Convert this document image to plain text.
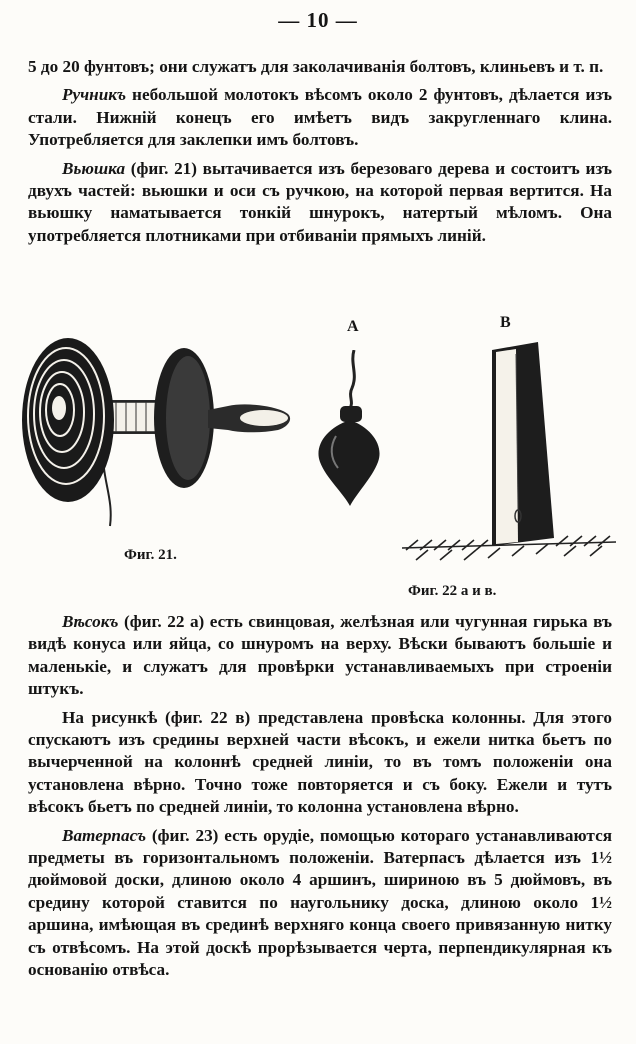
— 10 —

5 до 20 фунтовъ; они служатъ для заколачиванія болтовъ, клиньевъ и т. п.

Ручникъ небольшой молотокъ вѣсомъ около 2 фунтовъ, дѣлается изъ стали. Нижній конецъ его имѣетъ видъ закругленнаго клина. Употребляется для заклепки имъ болтовъ.

Вьюшка (фиг. 21) вытачивается изъ березоваго дерева и состоитъ изъ двухъ частей: вьюшки и оси съ ручкою, на которой первая вертится. На вьюшку наматывается тонкій шнурокъ, натертый мѣломъ. Она употребляется плотниками при отбиваніи прямыхъ линій.

Фиг. 21.
А	В
Фиг. 22 а и в.

Вѣсокъ (фиг. 22 а) есть свинцовая, желѣзная или чугунная гирька въ видѣ конуса или яйца, со шнуромъ на верху. Вѣски бываютъ большіе и маленькіе, и служатъ для провѣрки устанавливаемыхъ при строеніи штукъ.

На рисункѣ (фиг. 22 в) представлена провѣска колонны. Для этого спускаютъ изъ средины верхней части вѣсокъ, и ежели нитка бьетъ по вычерченной на колоннѣ средней линіи, то въ томъ положеніи она установлена вѣрно. Точно тоже повторяется и съ боку. Ежели и тутъ вѣсокъ бьетъ по средней линіи, то колонна установлена вѣрно.

Ватерпасъ (фиг. 23) есть орудіе, помощью котораго устанавливаются предметы въ горизонтальномъ положеніи. Ватерпасъ дѣлается изъ 1½ дюймовой доски, длиною около 4 аршинъ, шириною въ 5 дюймовъ, въ средину которой ставится по наугольнику доска, длиною около 1½ аршина, имѣющая въ срединѣ верхняго конца своего привязанную нитку съ отвѣсомъ. На этой доскѣ прорѣзывается черта, перпендикулярная къ основанію отвѣса.
